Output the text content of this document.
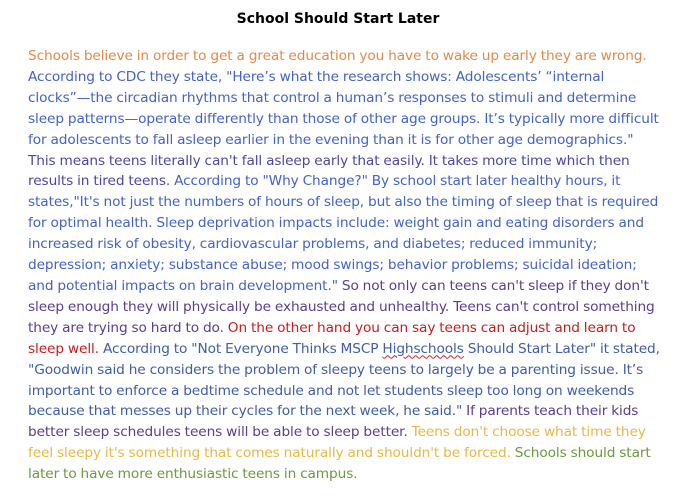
School Should Start Later

Schools believe in order to get a great education you have to wake up early they are wrong. According to CDC they state, "Here’s what the research shows: Adolescents’ “internal clocks”—the circadian rhythms that control a human’s responses to stimuli and determine sleep patterns—operate differently than those of other age groups. It’s typically more difficult for adolescents to fall asleep earlier in the evening than it is for other age demographics." This means teens literally can't fall asleep early that easily. It takes more time which then results in tired teens. According to "Why Change?" By school start later healthy hours, it states,"It's not just the numbers of hours of sleep, but also the timing of sleep that is required for optimal health. Sleep deprivation impacts include: weight gain and eating disorders and increased risk of obesity, cardiovascular problems, and diabetes; reduced immunity; depression; anxiety; substance abuse; mood swings; behavior problems; suicidal ideation; and potential impacts on brain development." So not only can teens can't sleep if they don't sleep enough they will physically be exhausted and unhealthy. Teens can't control something they are trying so hard to do. On the other hand you can say teens can adjust and learn to sleep well. According to "Not Everyone Thinks MSCP Highschools Should Start Later" it stated, "Goodwin said he considers the problem of sleepy teens to largely be a parenting issue. It’s important to enforce a bedtime schedule and not let students sleep too long on weekends because that messes up their cycles for the next week, he said." If parents teach their kids better sleep schedules teens will be able to sleep better. Teens don't choose what time they feel sleepy it's something that comes naturally and shouldn't be forced. Schools should start later to have more enthusiastic teens in campus.
